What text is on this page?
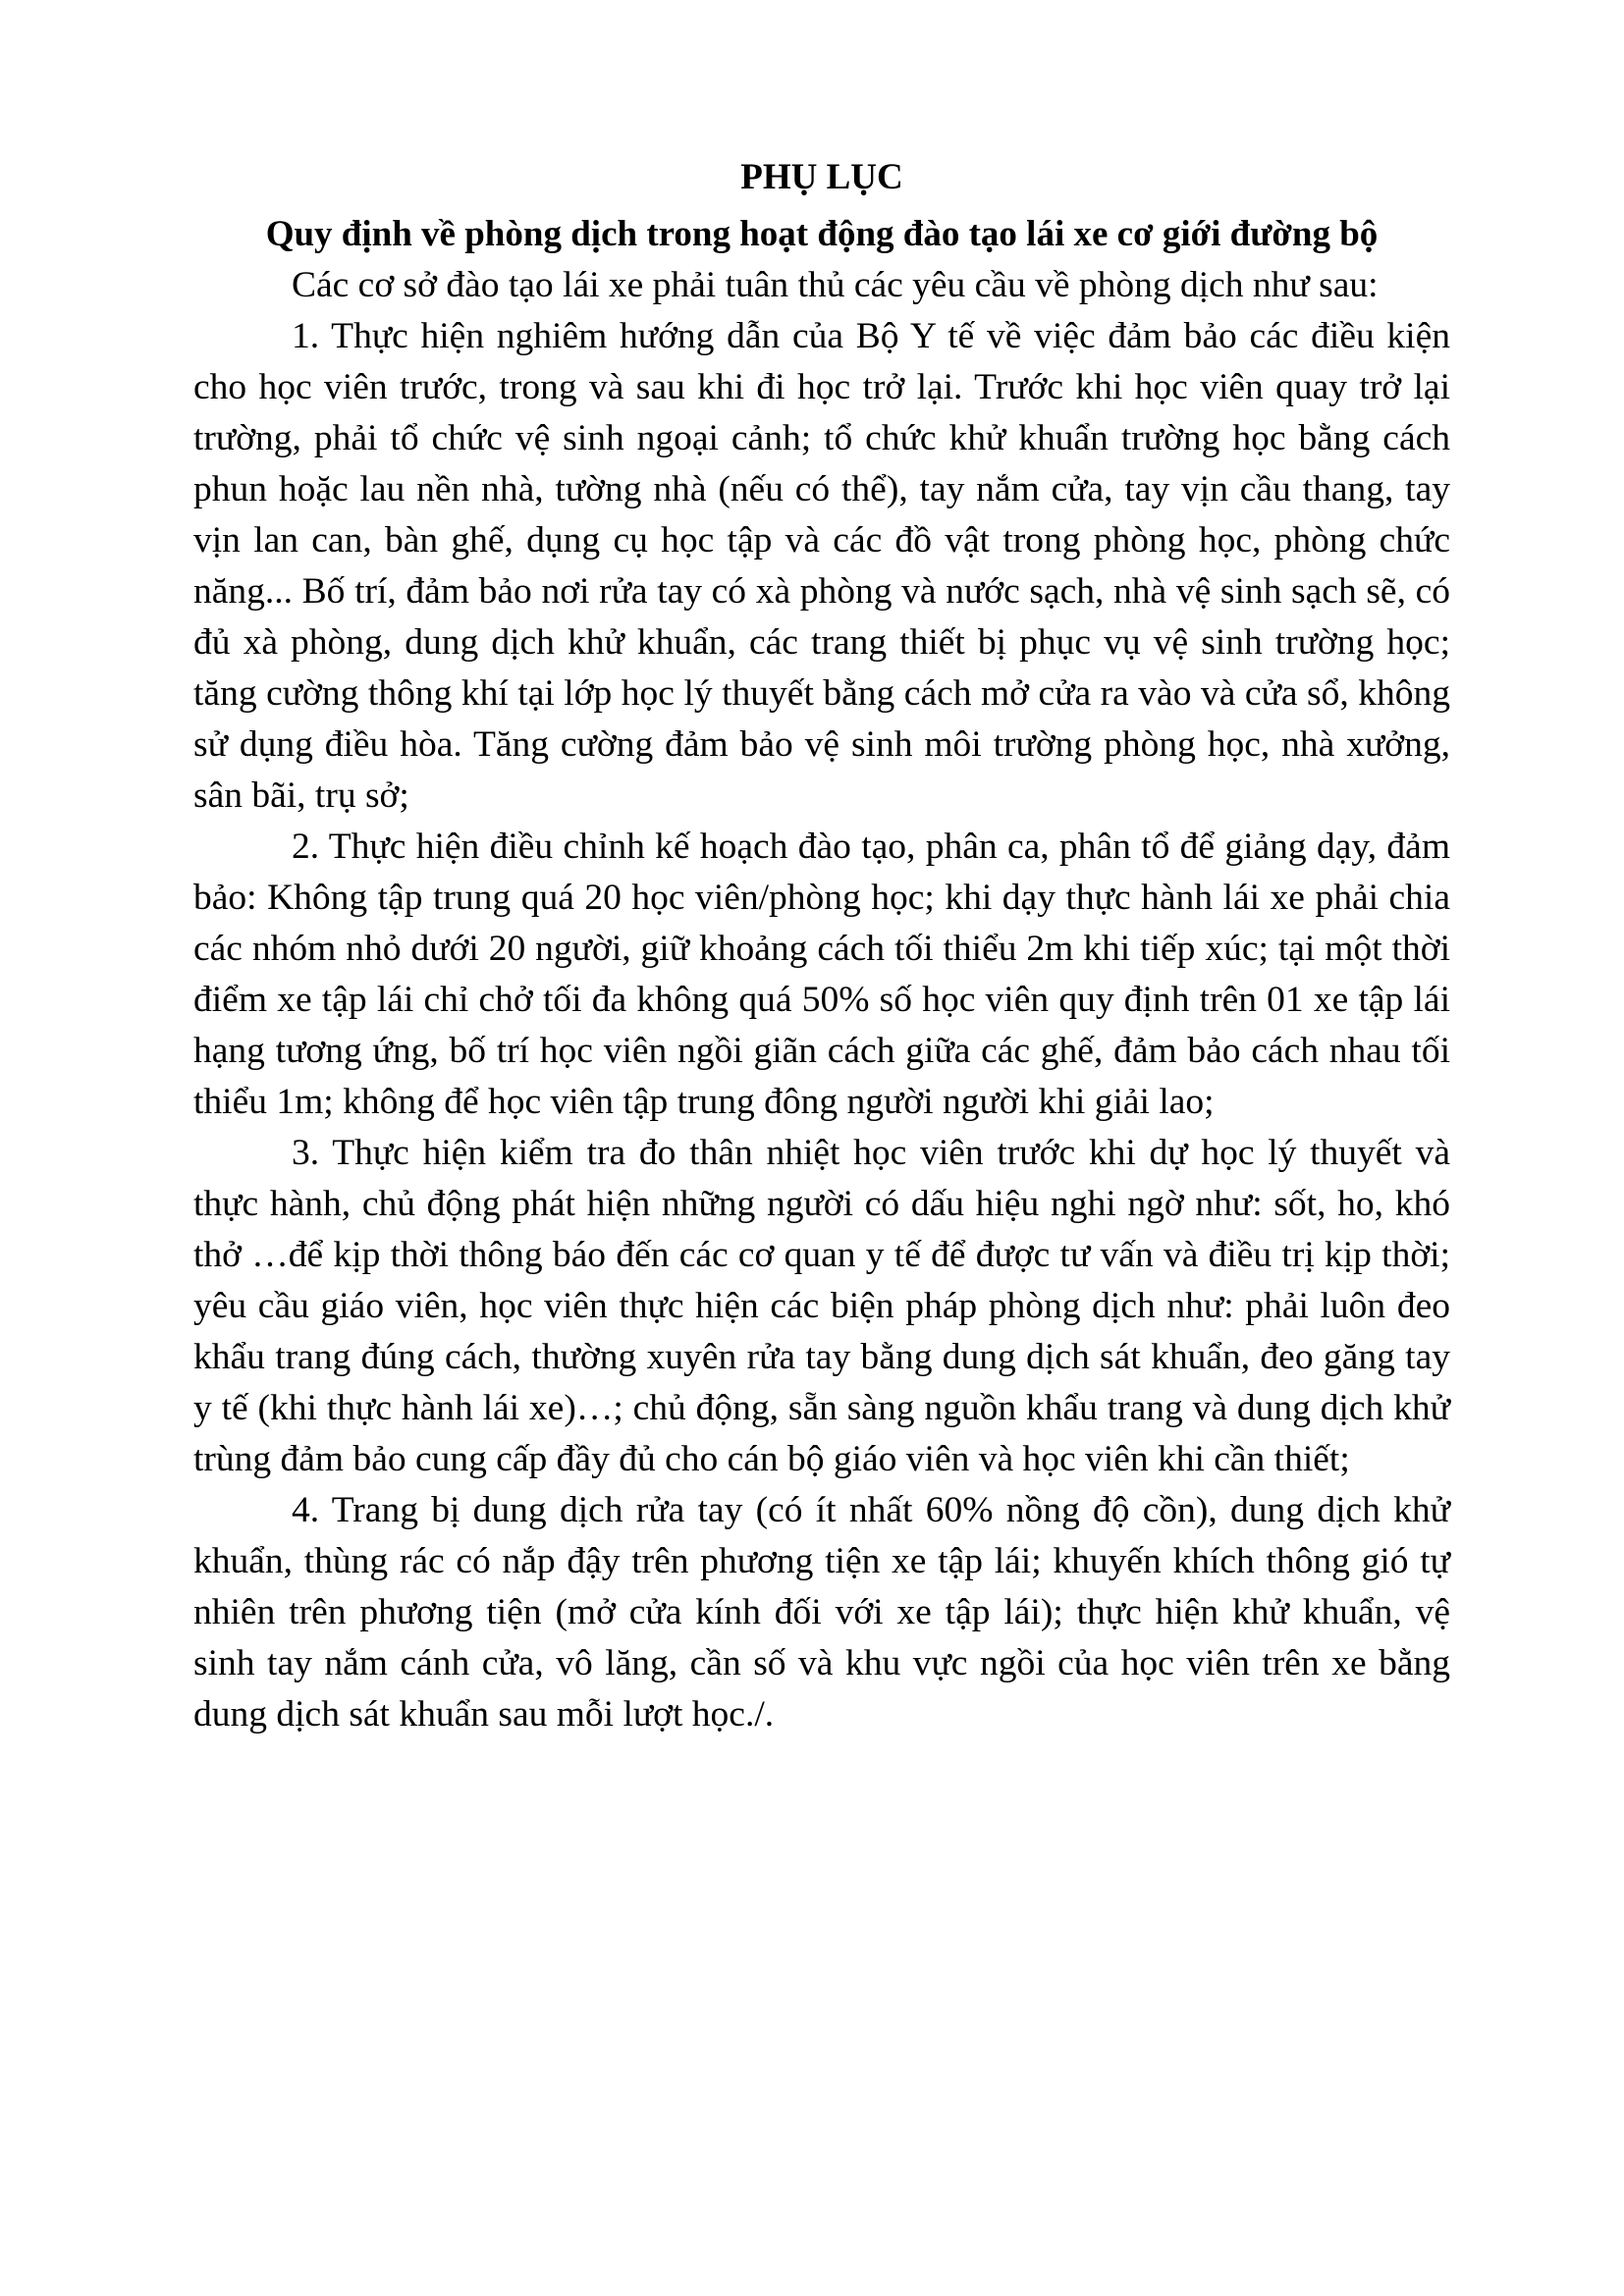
PHỤ LỤC
Quy định về phòng dịch trong hoạt động đào tạo lái xe cơ giới đường bộ

Các cơ sở đào tạo lái xe phải tuân thủ các yêu cầu về phòng dịch như sau:

1. Thực hiện nghiêm hướng dẫn của Bộ Y tế về việc đảm bảo các điều kiện cho học viên trước, trong và sau khi đi học trở lại. Trước khi học viên quay trở lại trường, phải tổ chức vệ sinh ngoại cảnh; tổ chức khử khuẩn trường học bằng cách phun hoặc lau nền nhà, tường nhà (nếu có thể), tay nắm cửa, tay vịn cầu thang, tay vịn lan can, bàn ghế, dụng cụ học tập và các đồ vật trong phòng học, phòng chức năng... Bố trí, đảm bảo nơi rửa tay có xà phòng và nước sạch, nhà vệ sinh sạch sẽ, có đủ xà phòng, dung dịch khử khuẩn, các trang thiết bị phục vụ vệ sinh trường học; tăng cường thông khí tại lớp học lý thuyết bằng cách mở cửa ra vào và cửa sổ, không sử dụng điều hòa. Tăng cường đảm bảo vệ sinh môi trường phòng học, nhà xưởng, sân bãi, trụ sở;

2. Thực hiện điều chỉnh kế hoạch đào tạo, phân ca, phân tổ để giảng dạy, đảm bảo: Không tập trung quá 20 học viên/phòng học; khi dạy thực hành lái xe phải chia các nhóm nhỏ dưới 20 người, giữ khoảng cách tối thiểu 2m khi tiếp xúc; tại một thời điểm xe tập lái chỉ chở tối đa không quá 50% số học viên quy định trên 01 xe tập lái hạng tương ứng, bố trí học viên ngồi giãn cách giữa các ghế, đảm bảo cách nhau tối thiểu 1m; không để học viên tập trung đông người người khi giải lao;

3. Thực hiện kiểm tra đo thân nhiệt học viên trước khi dự học lý thuyết và thực hành, chủ động phát hiện những người có dấu hiệu nghi ngờ như: sốt, ho, khó thở …để kịp thời thông báo đến các cơ quan y tế để được tư vấn và điều trị kịp thời; yêu cầu giáo viên, học viên thực hiện các biện pháp phòng dịch như: phải luôn đeo khẩu trang đúng cách, thường xuyên rửa tay bằng dung dịch sát khuẩn, đeo găng tay y tế (khi thực hành lái xe)…; chủ động, sẵn sàng nguồn khẩu trang và dung dịch khử trùng đảm bảo cung cấp đầy đủ cho cán bộ giáo viên và học viên khi cần thiết;

4. Trang bị dung dịch rửa tay (có ít nhất 60% nồng độ cồn), dung dịch khử khuẩn, thùng rác có nắp đậy trên phương tiện xe tập lái; khuyến khích thông gió tự nhiên trên phương tiện (mở cửa kính đối với xe tập lái); thực hiện khử khuẩn, vệ sinh tay nắm cánh cửa, vô lăng, cần số và khu vực ngồi của học viên trên xe bằng dung dịch sát khuẩn sau mỗi lượt học./.
